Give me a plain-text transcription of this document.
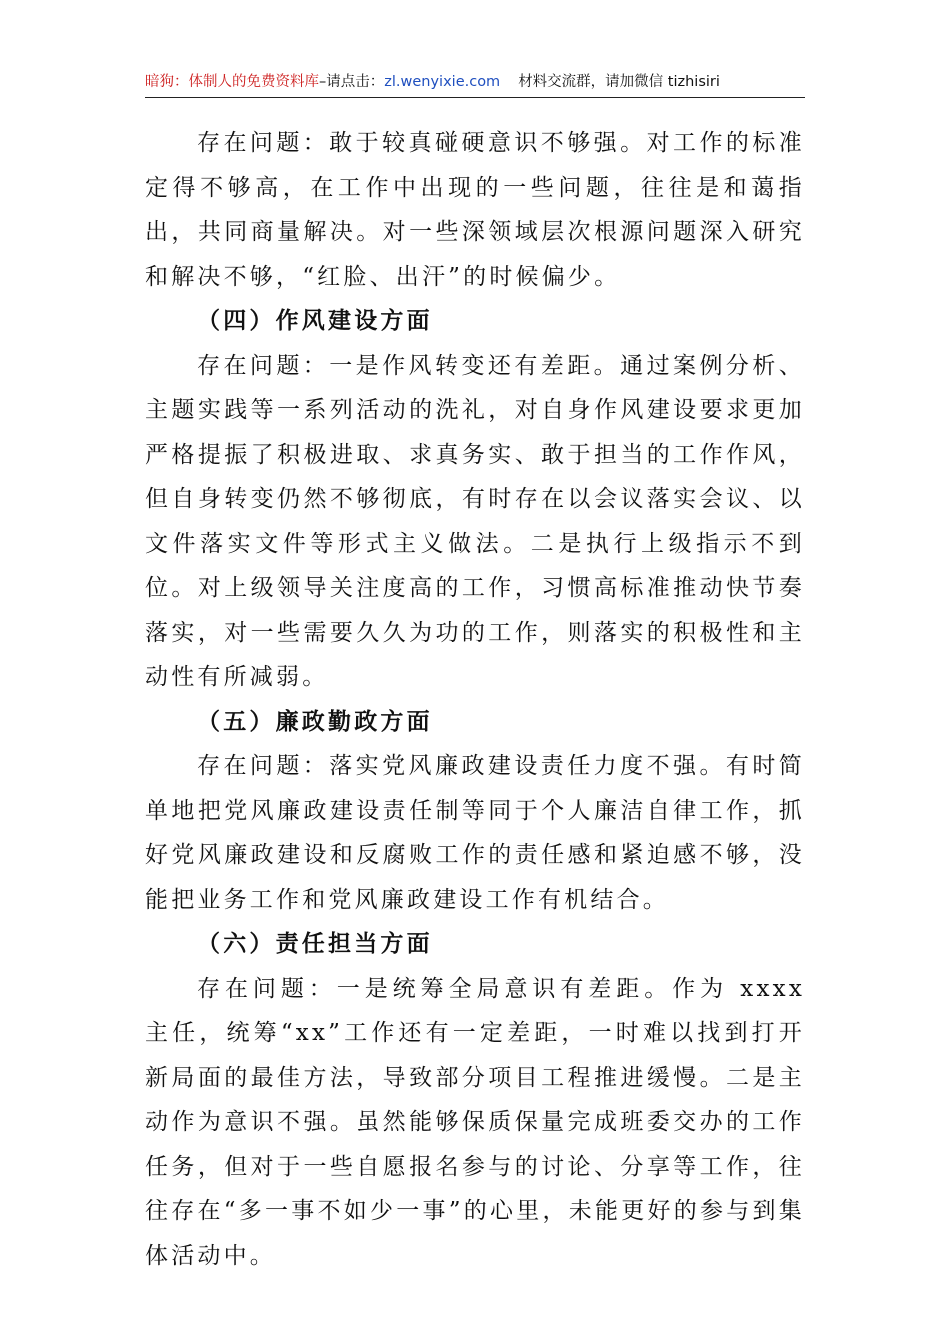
暗狗：体制人的免费资料库–请点击：zl.wenyixie.com 材料交流群，请加微信 tizhisiri

存在问题：敢于较真碰硬意识不够强。对工作的标准定得不够高，在工作中出现的一些问题，往往是和蔼指出，共同商量解决。对一些深领域层次根源问题深入研究和解决不够，“红脸、出汗”的时候偏少。

（四）作风建设方面

存在问题：一是作风转变还有差距。通过案例分析、主题实践等一系列活动的洗礼，对自身作风建设要求更加严格提振了积极进取、求真务实、敢于担当的工作作风，但自身转变仍然不够彻底，有时存在以会议落实会议、以文件落实文件等形式主义做法。二是执行上级指示不到位。对上级领导关注度高的工作，习惯高标准推动快节奏落实，对一些需要久久为功的工作，则落实的积极性和主动性有所减弱。

（五）廉政勤政方面

存在问题：落实党风廉政建设责任力度不强。有时简单地把党风廉政建设责任制等同于个人廉洁自律工作，抓好党风廉政建设和反腐败工作的责任感和紧迫感不够，没能把业务工作和党风廉政建设工作有机结合。

（六）责任担当方面

存在问题：一是统筹全局意识有差距。作为 xxxx 主任，统筹“xx”工作还有一定差距，一时难以找到打开新局面的最佳方法，导致部分项目工程推进缓慢。二是主动作为意识不强。虽然能够保质保量完成班委交办的工作任务，但对于一些自愿报名参与的讨论、分享等工作，往往存在“多一事不如少一事”的心里，未能更好的参与到集体活动中。
